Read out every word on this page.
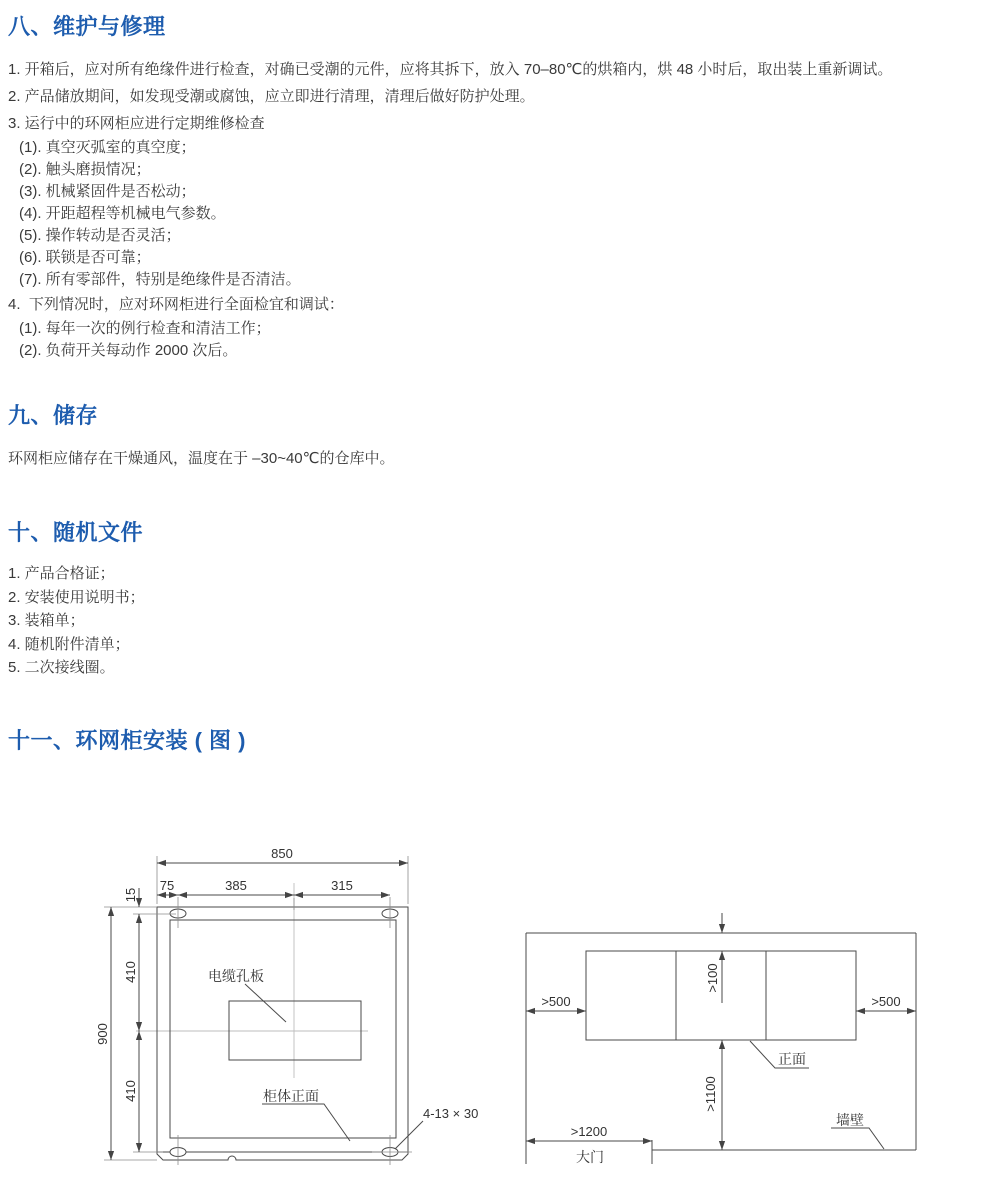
八、维护与修理

1. 开箱后，应对所有绝缘件进行检查，对确已受潮的元件，应将其拆下，放入 70–80℃的烘箱内，烘 48 小时后，取出装上重新调试。

2. 产品储放期间，如发现受潮或腐蚀，应立即进行清理，清理后做好防护处理。

3. 运行中的环网柜应进行定期维修检查

(1). 真空灭弧室的真空度；

(2). 触头磨损情况；

(3). 机械紧固件是否松动；

(4). 开距超程等机械电气参数。

(5). 操作转动是否灵活；

(6). 联锁是否可靠；

(7). 所有零部件，特别是绝缘件是否清洁。

4.  下列情况时，应对环网柜进行全面检宜和调试：

(1). 每年一次的例行检查和清洁工作；

(2). 负荷开关每动作 2000 次后。

九、储存

环网柜应储存在干燥通风，温度在于 –30~40℃的仓库中。

十、随机文件

1. 产品合格证；

2. 安装使用说明书；

3. 装箱单；

4. 随机附件清单；

5. 二次接线圈。

十一、环网柜安装 ( 图 )
850
75	385	315
15
410
900
410
电缆孔板
柜体正面
4-13 × 30
>500	>500
>100
>1100
>1200
大门
正面
墙壁
